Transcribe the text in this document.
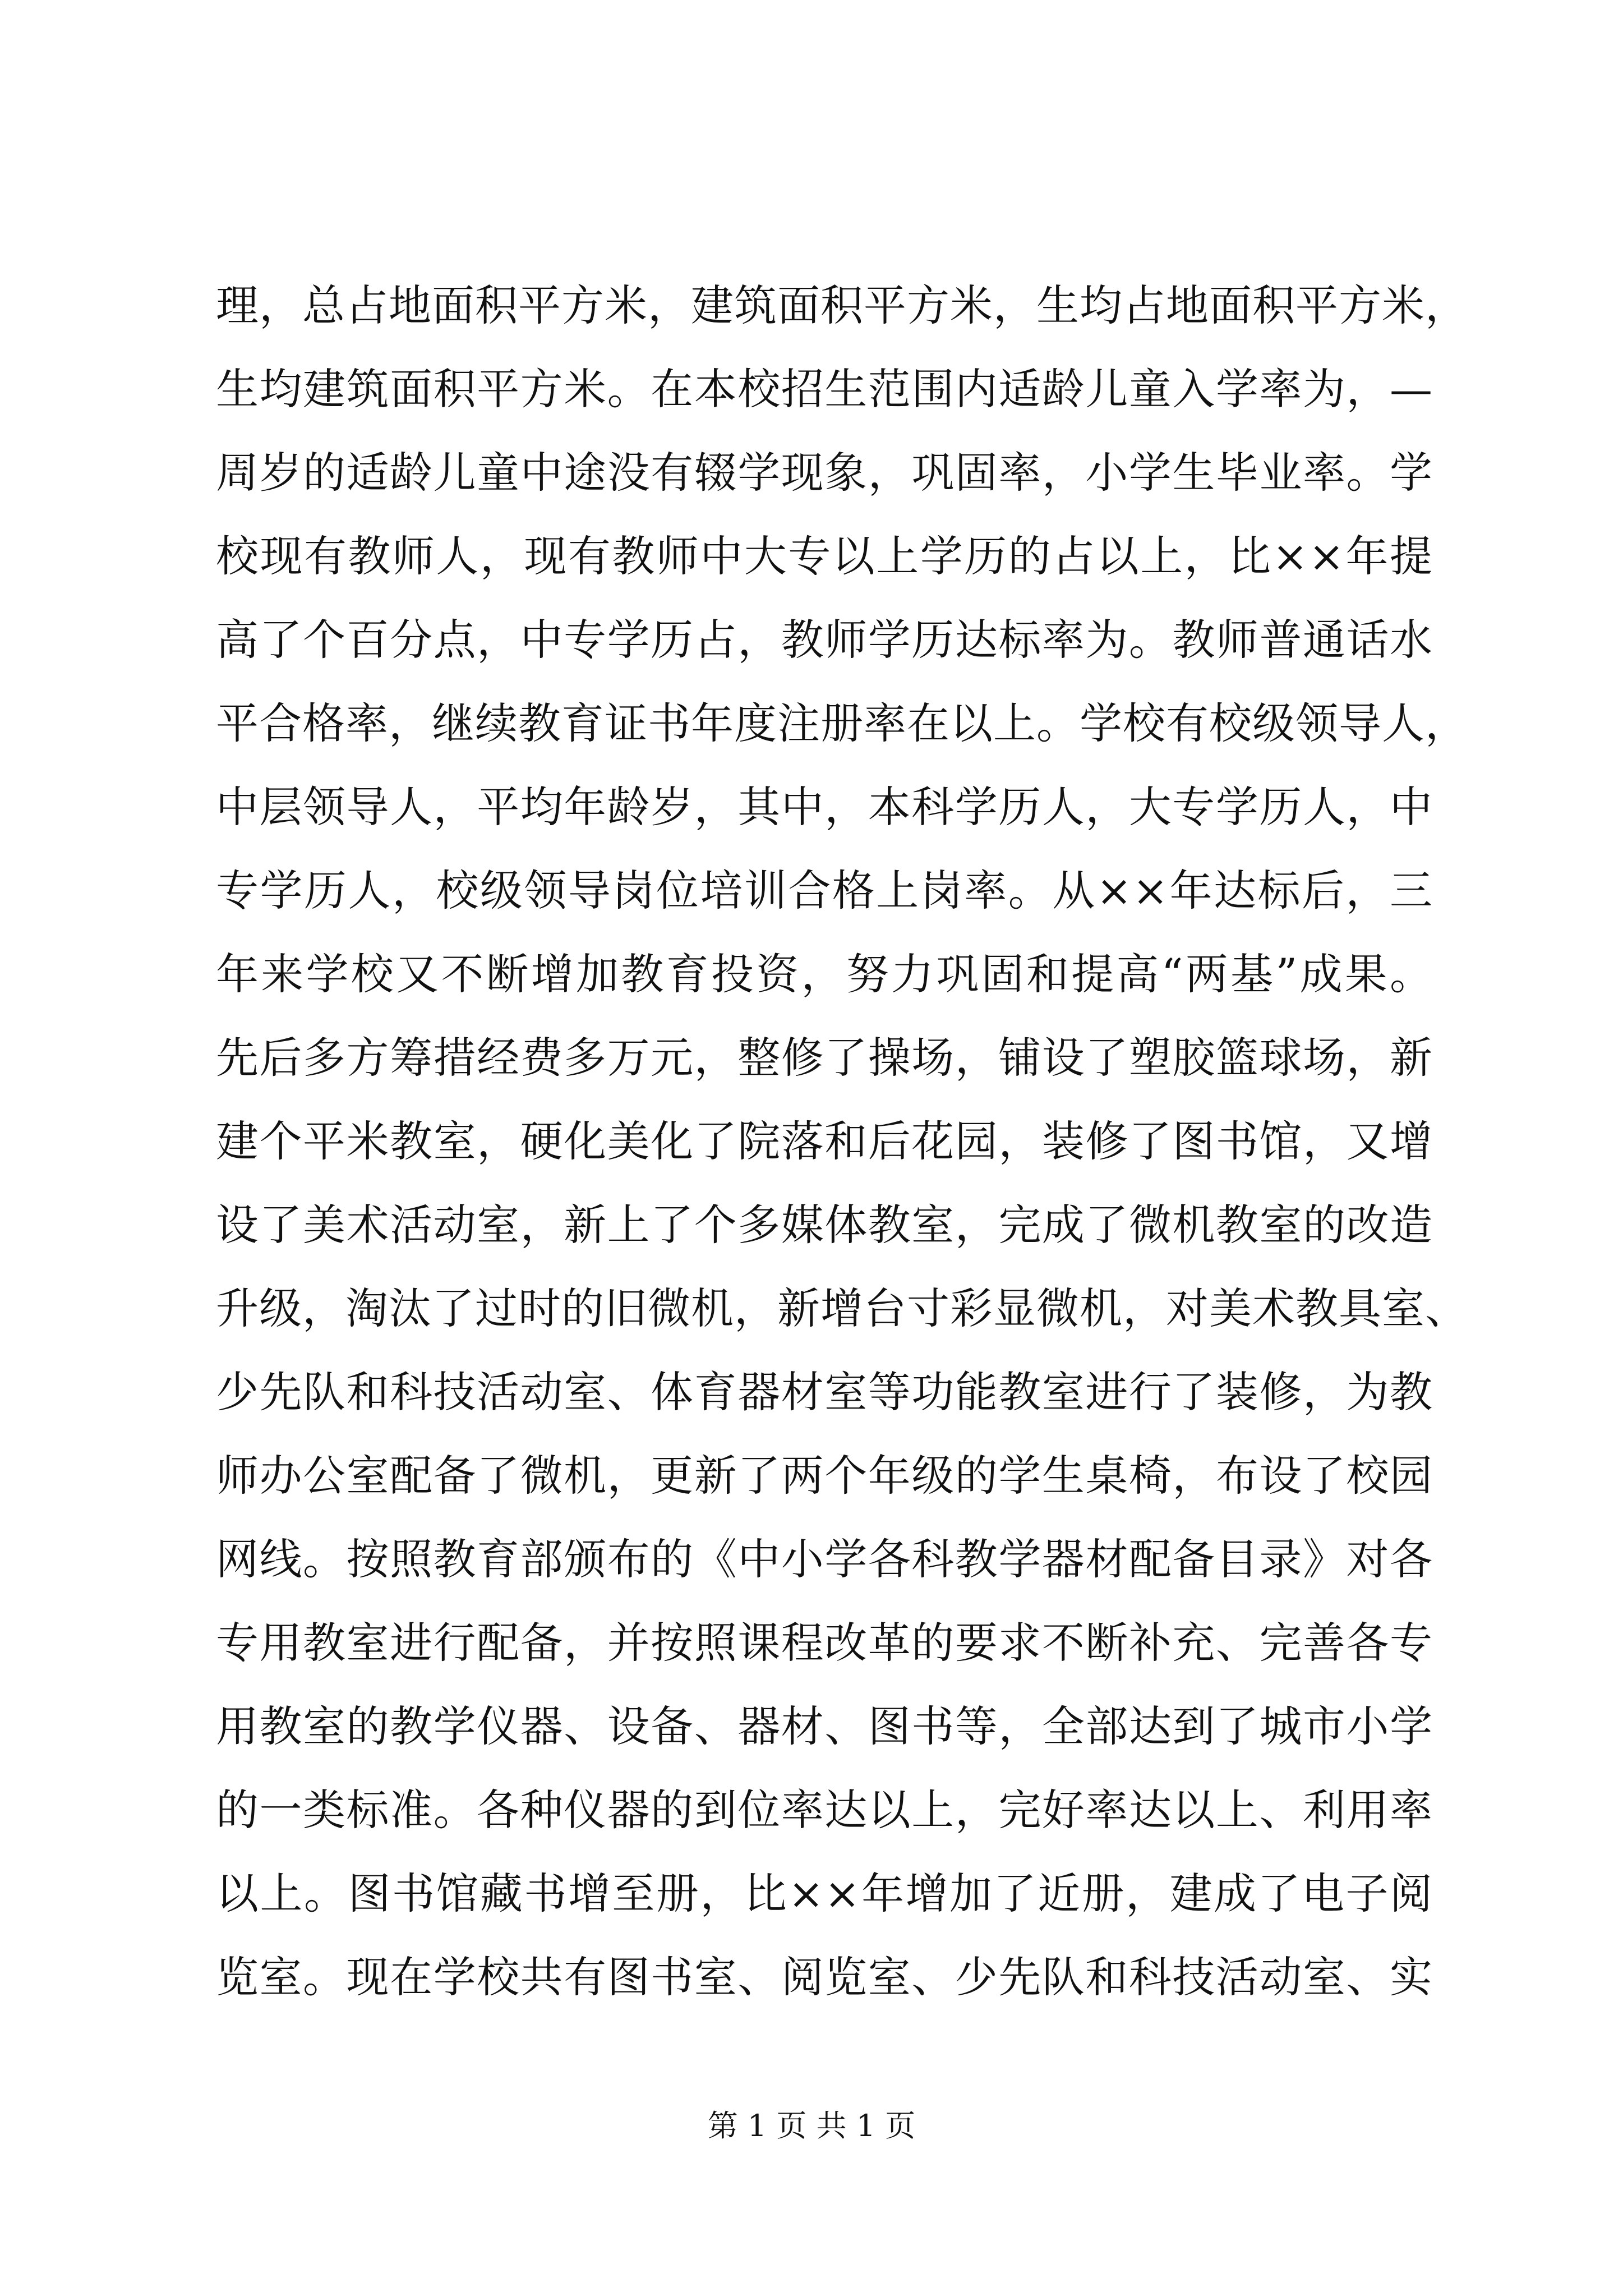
理，总占地面积平方米，建筑面积平方米，生均占地面积平方米，
生均建筑面积平方米。在本校招生范围内适龄儿童入学率为，—
周岁的适龄儿童中途没有辍学现象，巩固率，小学生毕业率。学
校现有教师人，现有教师中大专以上学历的占以上，比××年提
高了个百分点，中专学历占，教师学历达标率为。教师普通话水
平合格率，继续教育证书年度注册率在以上。学校有校级领导人，
中层领导人，平均年龄岁，其中，本科学历人，大专学历人，中
专学历人，校级领导岗位培训合格上岗率。从××年达标后，三
年来学校又不断增加教育投资，努力巩固和提高“两基”成果。
先后多方筹措经费多万元，整修了操场，铺设了塑胶篮球场，新
建个平米教室，硬化美化了院落和后花园，装修了图书馆，又增
设了美术活动室，新上了个多媒体教室，完成了微机教室的改造
升级，淘汰了过时的旧微机，新增台寸彩显微机，对美术教具室、
少先队和科技活动室、体育器材室等功能教室进行了装修，为教
师办公室配备了微机，更新了两个年级的学生桌椅，布设了校园
网线。按照教育部颁布的《中小学各科教学器材配备目录》对各
专用教室进行配备，并按照课程改革的要求不断补充、完善各专
用教室的教学仪器、设备、器材、图书等，全部达到了城市小学
的一类标准。各种仪器的到位率达以上，完好率达以上、利用率
以上。图书馆藏书增至册，比××年增加了近册，建成了电子阅
览室。现在学校共有图书室、阅览室、少先队和科技活动室、实
第 1 页 共 1 页
